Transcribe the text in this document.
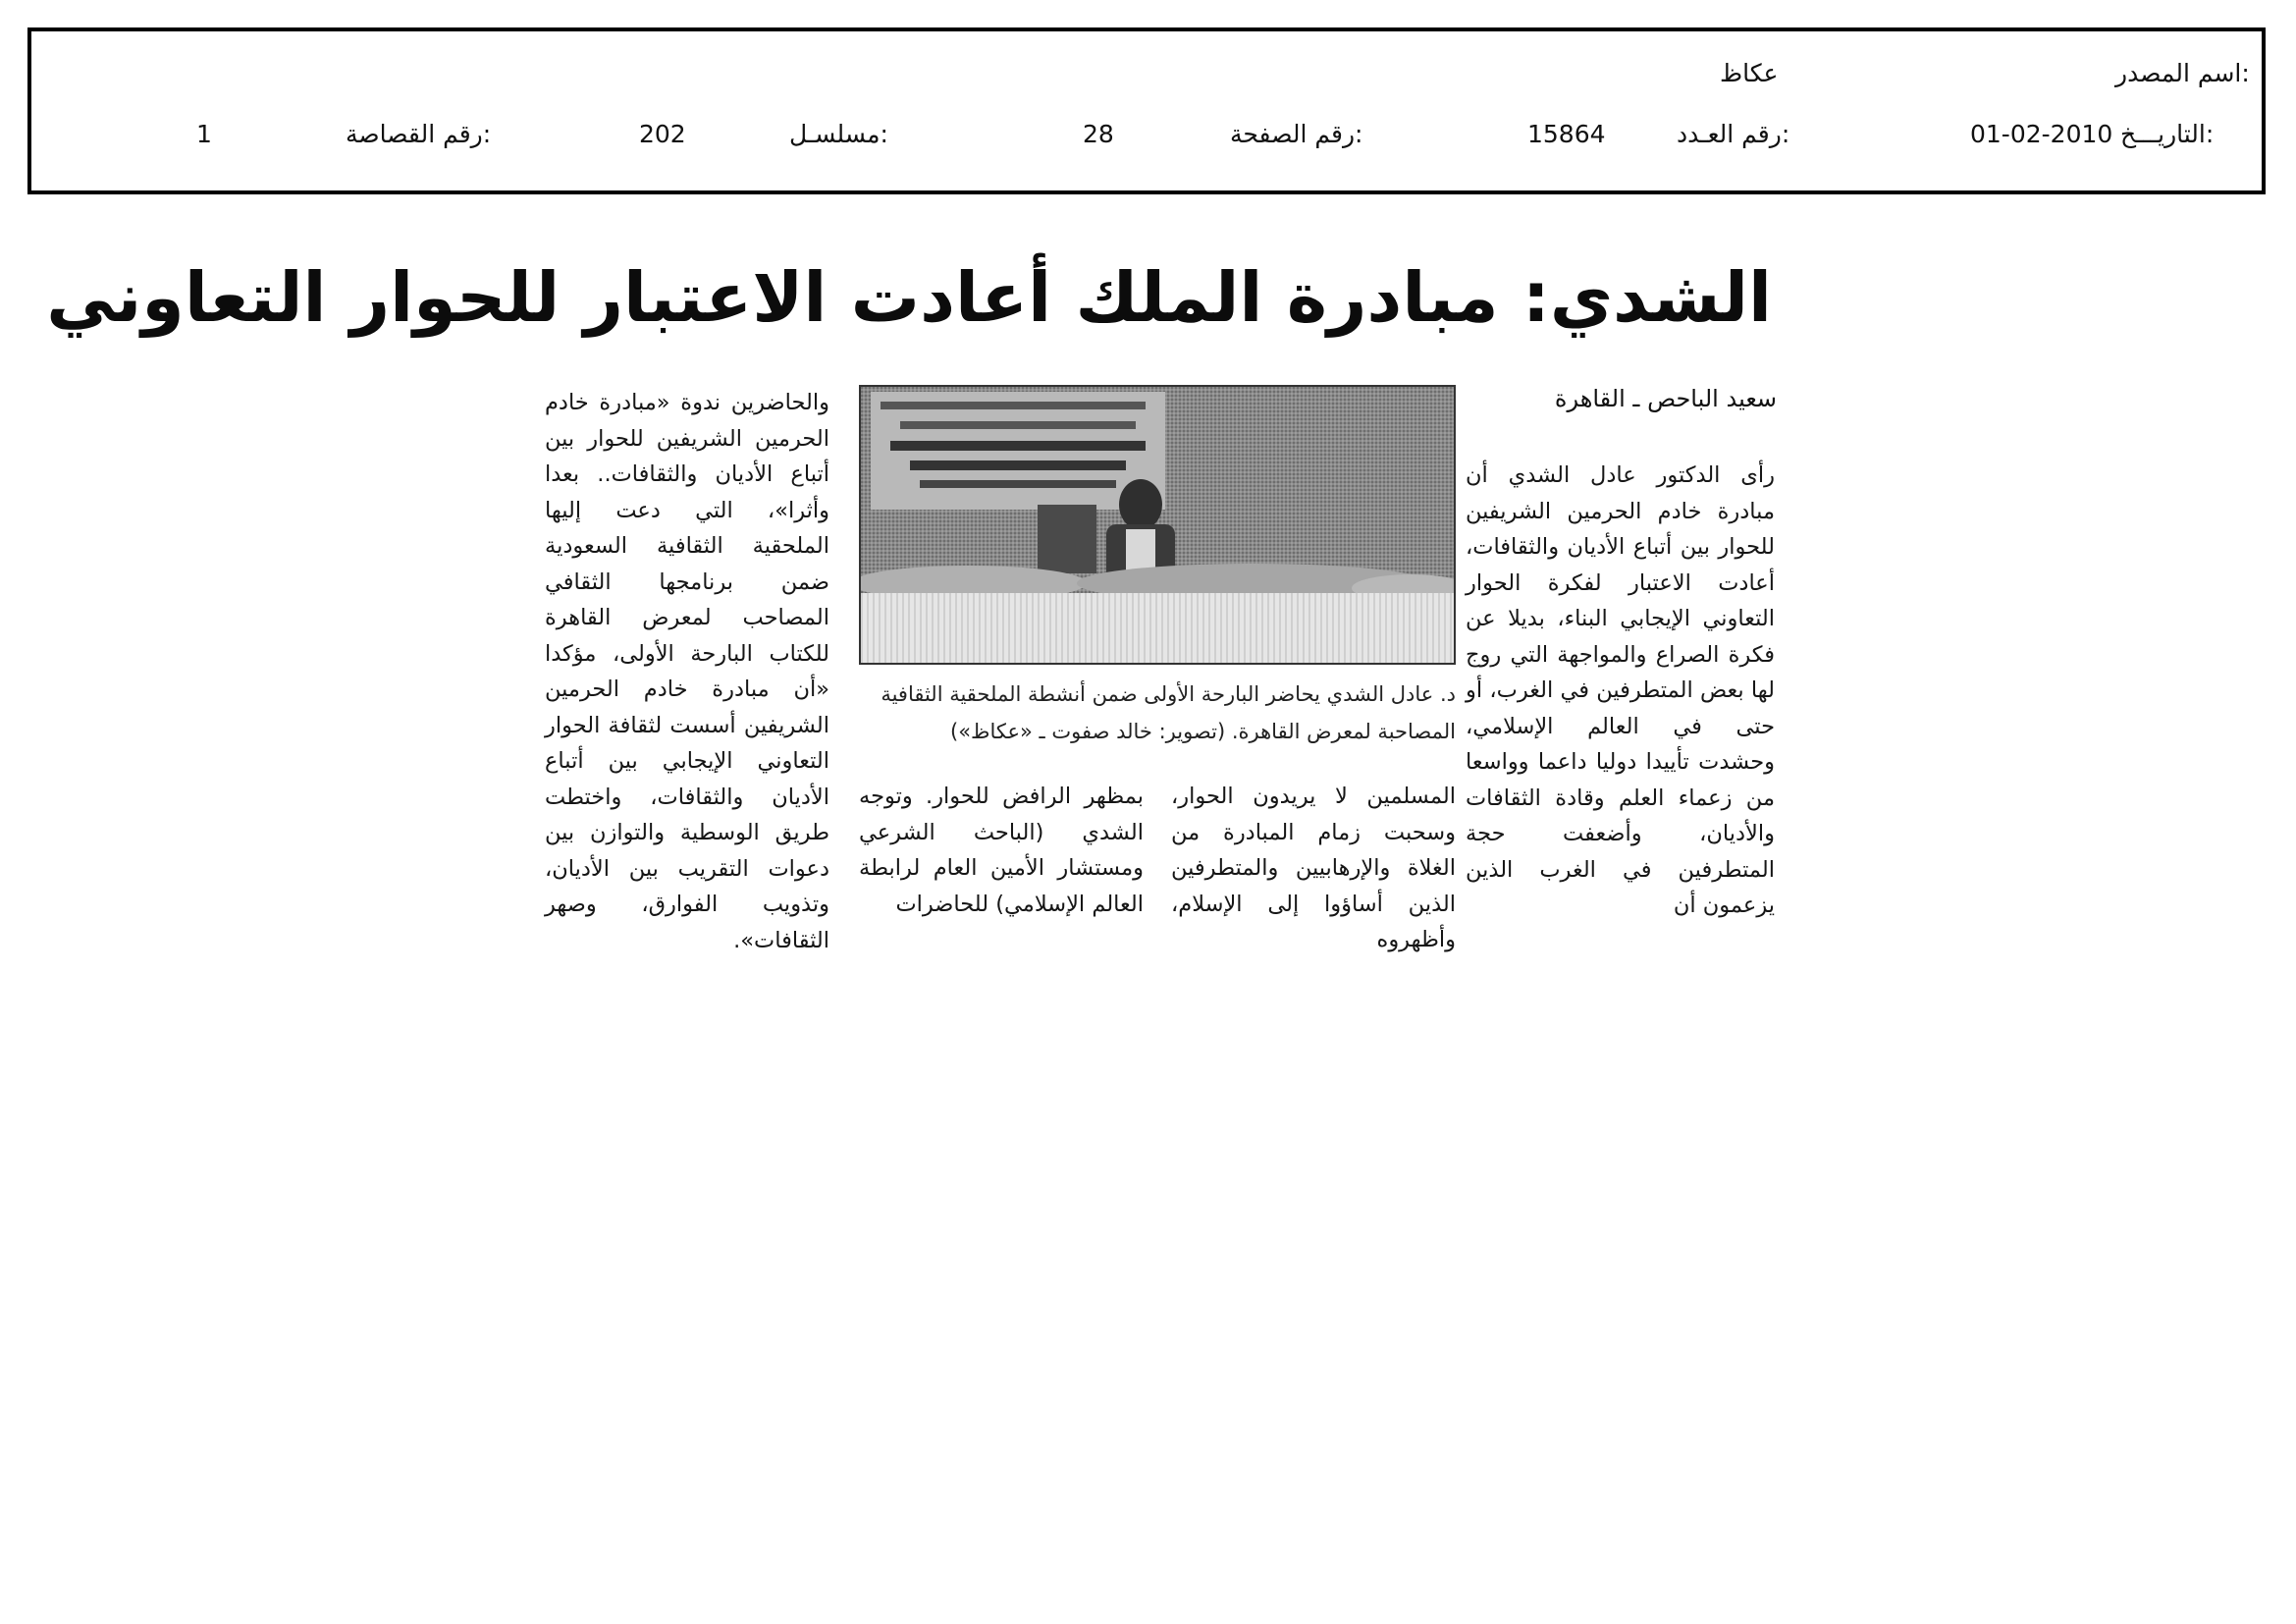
اسم المصدر:
عكاظ
التاريـــخ:
01-02-2010
رقم العـدد:
15864
رقم الصفحة:
28
مسلسـل:
202
رقم القصاصة:
1
الشدي: مبادرة الملك أعادت الاعتبار للحوار التعاوني
سعيد الباحص ـ القاهرة
رأى الدكتور عادل الشدي أن مبادرة خادم الحرمين الشريفين للحوار بين أتباع الأديان والثقافات، أعادت الاعتبار لفكرة الحوار التعاوني الإيجابي البناء، بديلا عن فكرة الصراع والمواجهة التي روج لها بعض المتطرفين في الغرب، أو حتى في العالم الإسلامي، وحشدت تأييدا دوليا داعما وواسعا من زعماء العلم وقادة الثقافات والأديان، وأضعفت حجة المتطرفين في الغرب الذين يزعمون أن
د. عادل الشدي يحاضر البارحة الأولى ضمن أنشطة الملحقية الثقافية
المصاحبة لمعرض القاهرة. (تصوير: خالد صفوت ـ «عكاظ»)
المسلمين لا يريدون الحوار، وسحبت زمام المبادرة من الغلاة والإرهابيين والمتطرفين الذين أساؤوا إلى الإسلام، وأظهروه
بمظهر الرافض للحوار. وتوجه الشدي (الباحث الشرعي ومستشار الأمين العام لرابطة العالم الإسلامي) للحاضرات
والحاضرين ندوة «مبادرة خادم الحرمين الشريفين للحوار بين أتباع الأديان والثقافات.. بعدا وأثرا»، التي دعت إليها الملحقية الثقافية السعودية ضمن برنامجها الثقافي المصاحب لمعرض القاهرة للكتاب البارحة الأولى، مؤكدا «أن مبادرة خادم الحرمين الشريفين أسست لثقافة الحوار التعاوني الإيجابي بين أتباع الأديان والثقافات، واختطت طريق الوسطية والتوازن بين دعوات التقريب بين الأديان، وتذويب الفوارق، وصهر الثقافات».
